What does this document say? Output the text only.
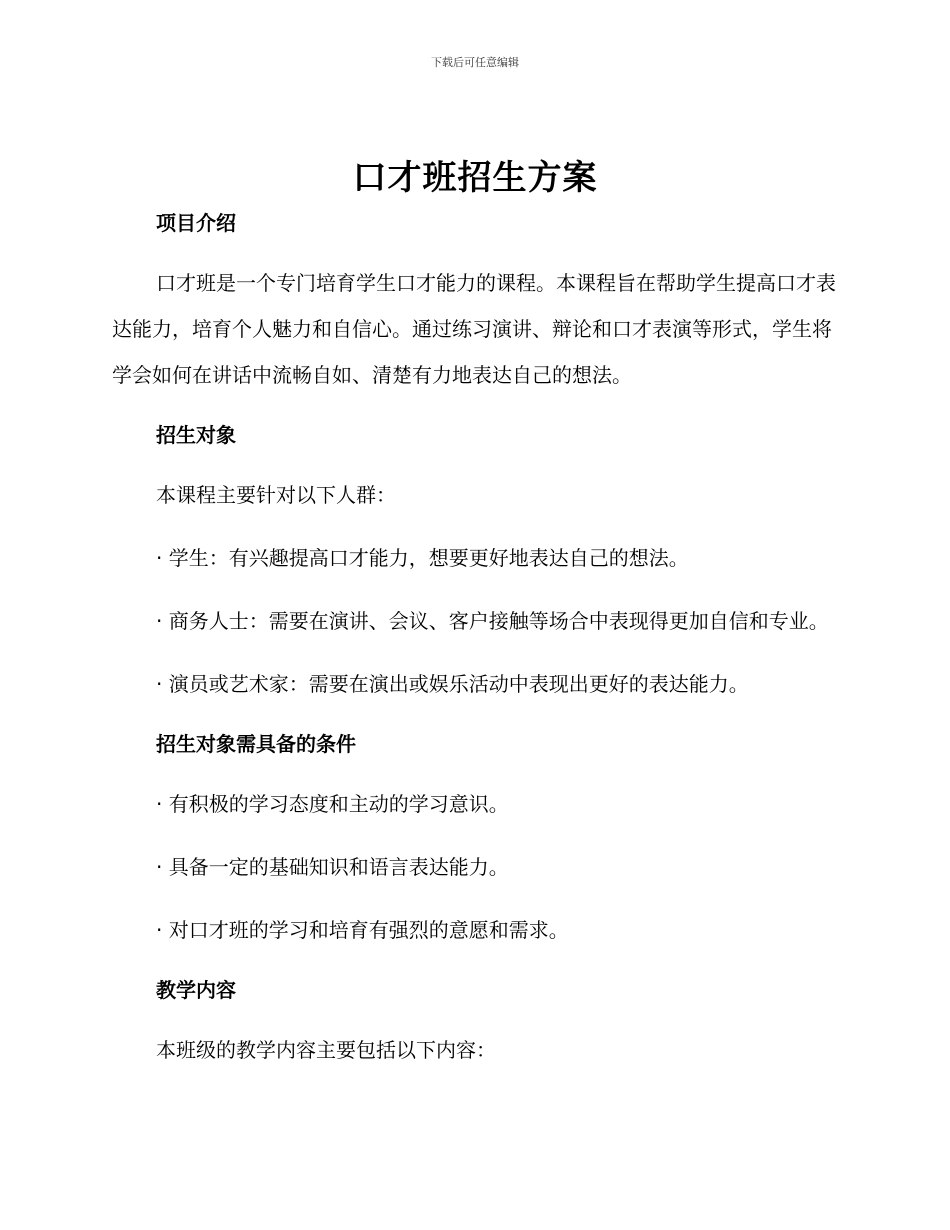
下载后可任意编辑
口才班招生方案
项目介绍

口才班是一个专门培育学生口才能力的课程。本课程旨在帮助学生提高口才表达能力，培育个人魅力和自信心。通过练习演讲、辩论和口才表演等形式，学生将学会如何在讲话中流畅自如、清楚有力地表达自己的想法。

招生对象

本课程主要针对以下人群：

· 学生：有兴趣提高口才能力，想要更好地表达自己的想法。

· 商务人士：需要在演讲、会议、客户接触等场合中表现得更加自信和专业。

· 演员或艺术家：需要在演出或娱乐活动中表现出更好的表达能力。

招生对象需具备的条件

· 有积极的学习态度和主动的学习意识。

· 具备一定的基础知识和语言表达能力。

· 对口才班的学习和培育有强烈的意愿和需求。

教学内容

本班级的教学内容主要包括以下内容：
